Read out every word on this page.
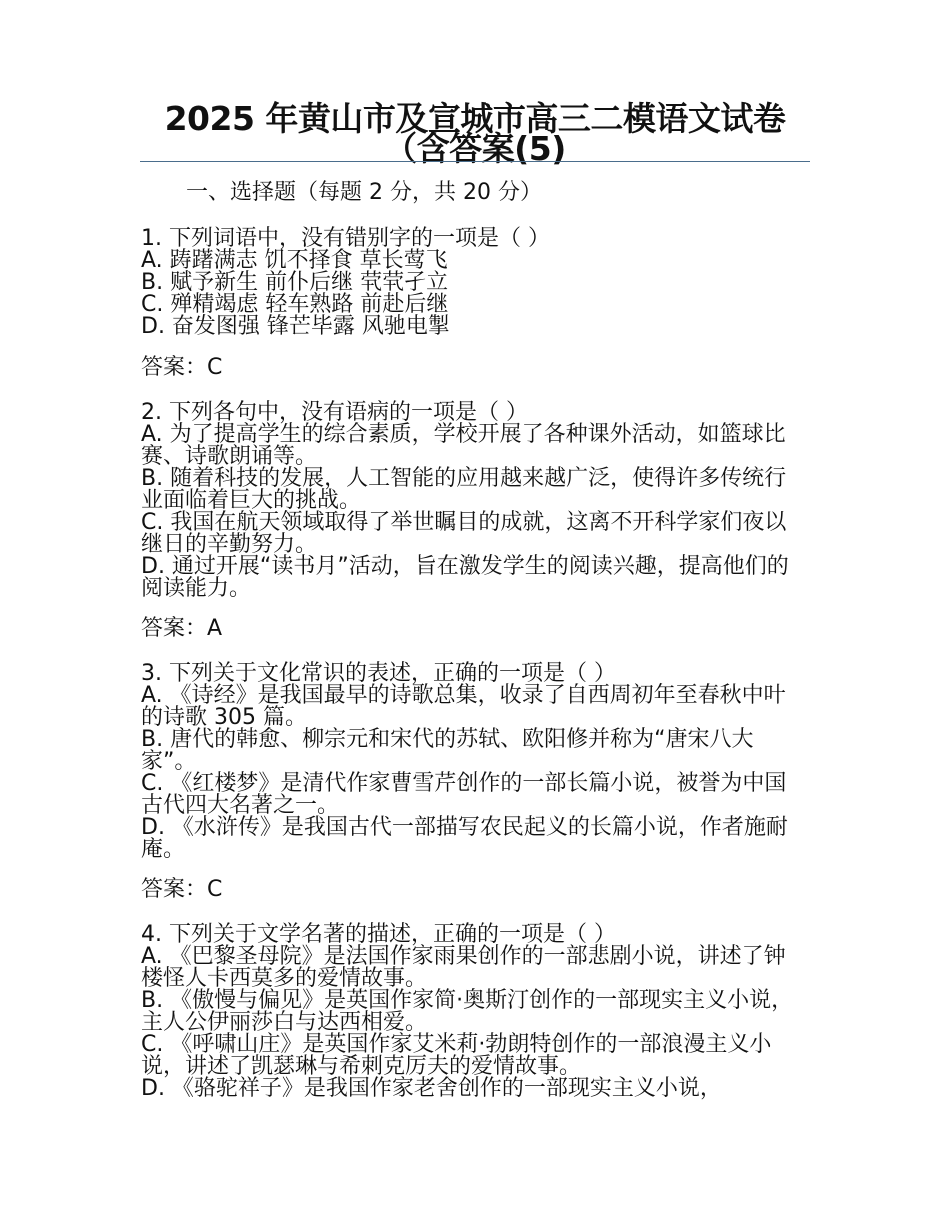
2025 年黄山市及宣城市高三二模语文试卷（含答案(5)
一、选择题（每题 2 分，共 20 分）
1. 下列词语中，没有错别字的一项是（ ）
A. 踌躇满志 饥不择食 草长莺飞
B. 赋予新生 前仆后继 茕茕孑立
C. 殚精竭虑 轻车熟路 前赴后继
D. 奋发图强 锋芒毕露 风驰电掣
答案：C
2. 下列各句中，没有语病的一项是（ ）
A. 为了提高学生的综合素质，学校开展了各种课外活动，如篮球比赛、诗歌朗诵等。
B. 随着科技的发展，人工智能的应用越来越广泛，使得许多传统行业面临着巨大的挑战。
C. 我国在航天领域取得了举世瞩目的成就，这离不开科学家们夜以继日的辛勤努力。
D. 通过开展“读书月”活动，旨在激发学生的阅读兴趣，提高他们的阅读能力。
答案：A
3. 下列关于文化常识的表述，正确的一项是（ ）
A. 《诗经》是我国最早的诗歌总集，收录了自西周初年至春秋中叶的诗歌 305 篇。
B. 唐代的韩愈、柳宗元和宋代的苏轼、欧阳修并称为“唐宋八大家”。
C. 《红楼梦》是清代作家曹雪芹创作的一部长篇小说，被誉为中国古代四大名著之一。
D. 《水浒传》是我国古代一部描写农民起义的长篇小说，作者施耐庵。
答案：C
4. 下列关于文学名著的描述，正确的一项是（ ）
A. 《巴黎圣母院》是法国作家雨果创作的一部悲剧小说，讲述了钟楼怪人卡西莫多的爱情故事。
B. 《傲慢与偏见》是英国作家简·奥斯汀创作的一部现实主义小说，主人公伊丽莎白与达西相爱。
C. 《呼啸山庄》是英国作家艾米莉·勃朗特创作的一部浪漫主义小说，讲述了凯瑟琳与希刺克厉夫的爱情故事。
D. 《骆驼祥子》是我国作家老舍创作的一部现实主义小说，
